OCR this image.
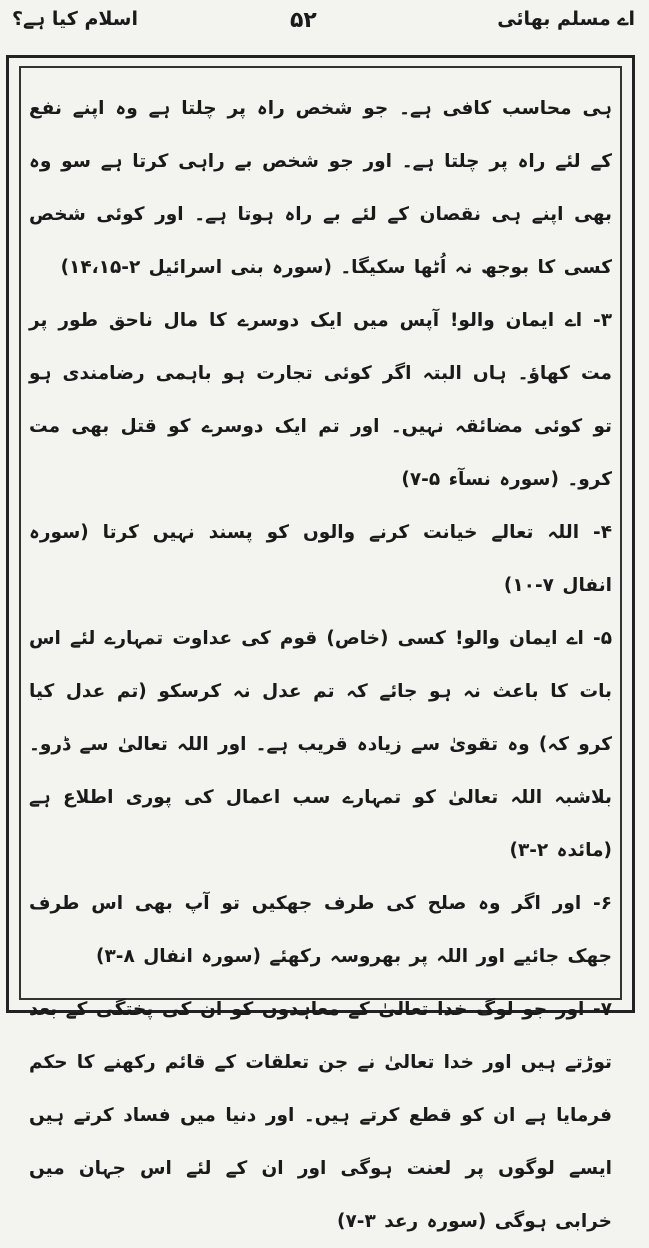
اے مسلم بھائی
۵۲
اسلام کیا ہے؟

ہی محاسب کافی ہے۔ جو شخص راہ پر چلتا ہے وہ اپنے نفع کے لئے راہ پر چلتا ہے۔ اور جو شخص بے راہی کرتا ہے سو وہ بھی اپنے ہی نقصان کے لئے بے راہ ہوتا ہے۔ اور کوئی شخص کسی کا بوجھ نہ اُٹھا سکیگا۔ (سورہ بنی اسرائیل ۲-۱۴،۱۵)

۳- اے ایمان والو! آپس میں ایک دوسرے کا مال ناحق طور پر مت کھاؤ۔ ہاں البتہ اگر کوئی تجارت ہو باہمی رضامندی ہو تو کوئی مضائقہ نہیں۔ اور تم ایک دوسرے کو قتل بھی مت کرو۔ (سورہ نسآء ۵-۷)

۴- اللہ تعالے خیانت کرنے والوں کو پسند نہیں کرتا (سورہ انفال ۷-۱۰)

۵- اے ایمان والو! کسی (خاص) قوم کی عداوت تمہارے لئے اس بات کا باعث نہ ہو جائے کہ تم عدل نہ کرسکو (تم عدل کیا کرو کہ) وہ تقویٰ سے زیادہ قریب ہے۔ اور اللہ تعالیٰ سے ڈرو۔ بلاشبہ اللہ تعالیٰ کو تمہارے سب اعمال کی پوری اطلاع ہے (مائدہ ۲-۳)

۶- اور اگر وہ صلح کی طرف جھکیں تو آپ بھی اس طرف جھک جائیے اور اللہ پر بھروسہ رکھئے (سورہ انفال ۸-۳)

۷- اور جو لوگ خدا تعالیٰ کے معاہدوں کو ان کی پختگی کے بعد توڑتے ہیں اور خدا تعالیٰ نے جن تعلقات کے قائم رکھنے کا حکم فرمایا ہے ان کو قطع کرتے ہیں۔ اور دنیا میں فساد کرتے ہیں ایسے لوگوں پر لعنت ہوگی اور ان کے لئے اس جہان میں خرابی ہوگی (سورہ رعد ۳-۷)
